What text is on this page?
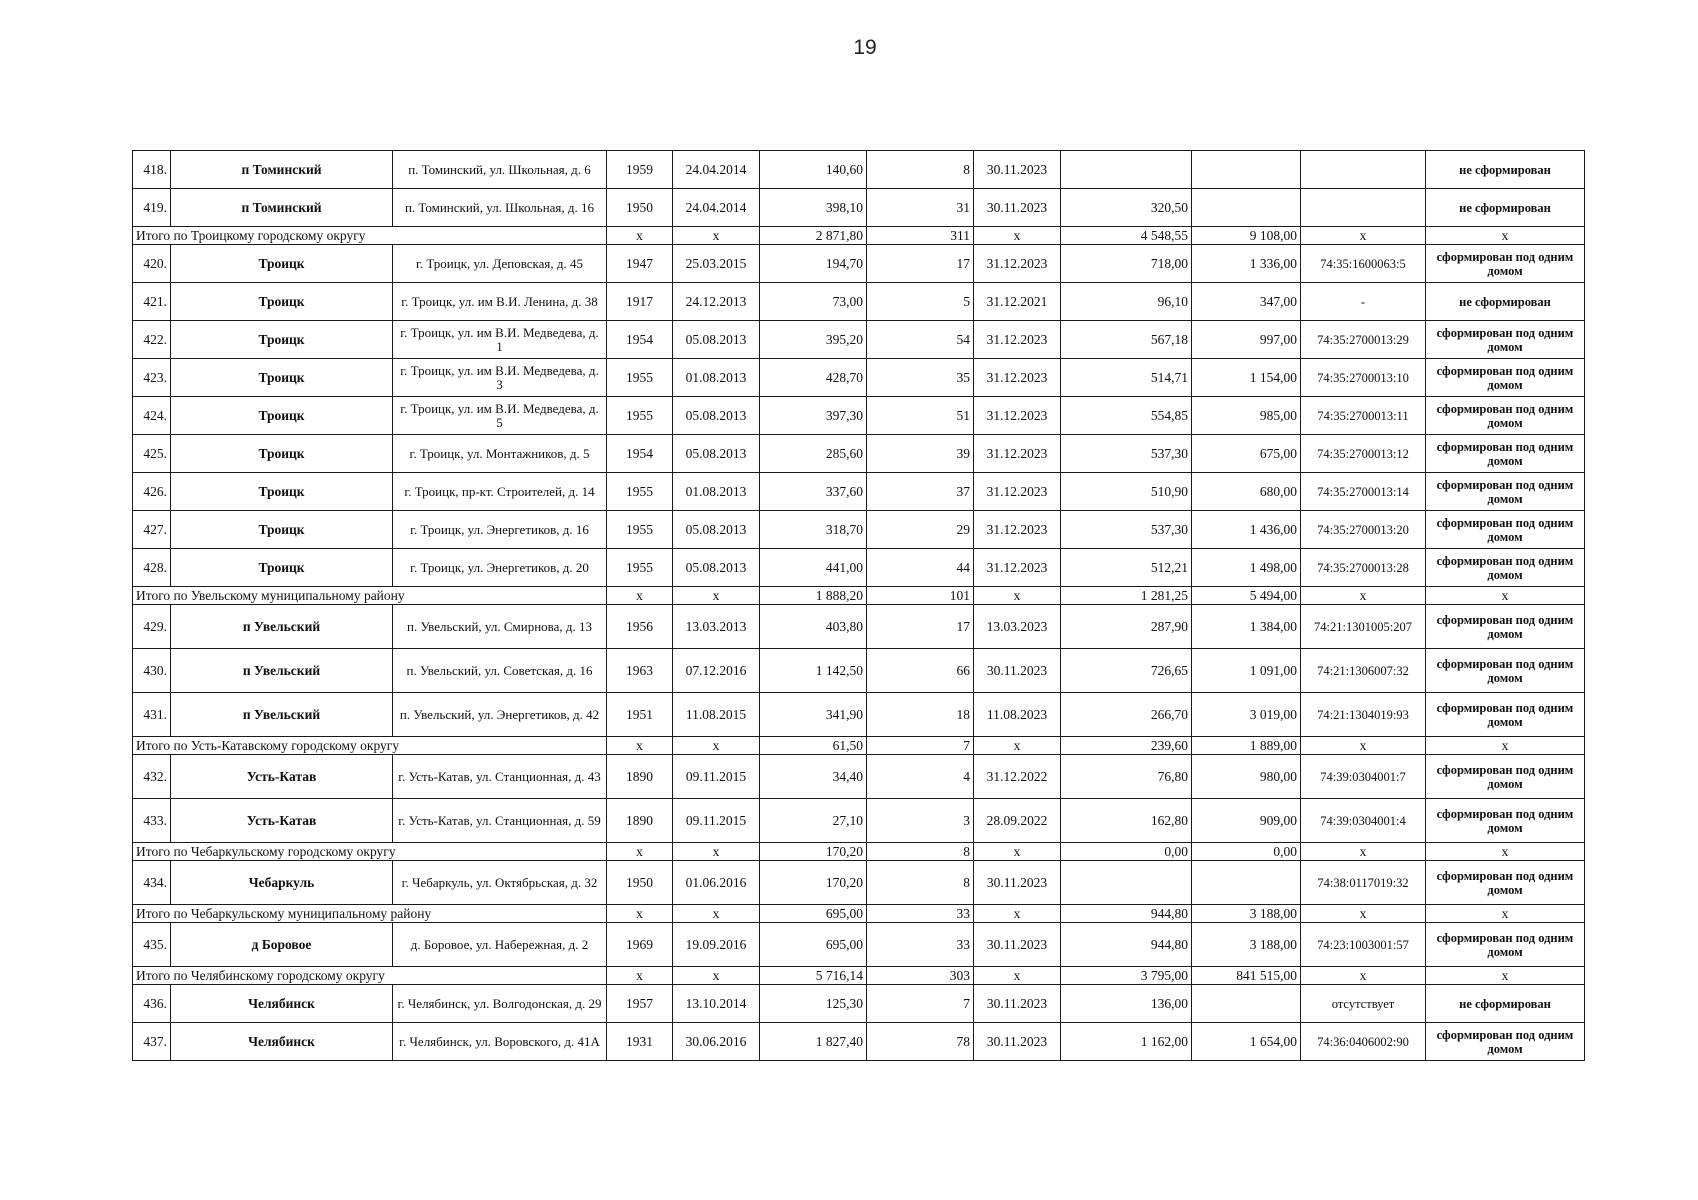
19
418.	п Томинский	п. Томинский, ул. Школьная, д. 6	1959	24.04.2014	140,60	8	30.11.2023				не сформирован
419.	п Томинский	п. Томинский, ул. Школьная, д. 16	1950	24.04.2014	398,10	31	30.11.2023	320,50			не сформирован
Итого по Троицкому городскому округу			х	х	2 871,80	311	х	4 548,55	9 108,00	х	х
420.	Троицк	г. Троицк, ул. Деповская, д. 45	1947	25.03.2015	194,70	17	31.12.2023	718,00	1 336,00	74:35:1600063:5	сформирован под одним домом
421.	Троицк	г. Троицк, ул. им В.И. Ленина, д. 38	1917	24.12.2013	73,00	5	31.12.2021	96,10	347,00	-	не сформирован
422.	Троицк	г. Троицк, ул. им В.И. Медведева, д. 1	1954	05.08.2013	395,20	54	31.12.2023	567,18	997,00	74:35:2700013:29	сформирован под одним домом
423.	Троицк	г. Троицк, ул. им В.И. Медведева, д. 3	1955	01.08.2013	428,70	35	31.12.2023	514,71	1 154,00	74:35:2700013:10	сформирован под одним домом
424.	Троицк	г. Троицк, ул. им В.И. Медведева, д. 5	1955	05.08.2013	397,30	51	31.12.2023	554,85	985,00	74:35:2700013:11	сформирован под одним домом
425.	Троицк	г. Троицк, ул. Монтажников, д. 5	1954	05.08.2013	285,60	39	31.12.2023	537,30	675,00	74:35:2700013:12	сформирован под одним домом
426.	Троицк	г. Троицк, пр-кт. Строителей, д. 14	1955	01.08.2013	337,60	37	31.12.2023	510,90	680,00	74:35:2700013:14	сформирован под одним домом
427.	Троицк	г. Троицк, ул. Энергетиков, д. 16	1955	05.08.2013	318,70	29	31.12.2023	537,30	1 436,00	74:35:2700013:20	сформирован под одним домом
428.	Троицк	г. Троицк, ул. Энергетиков, д. 20	1955	05.08.2013	441,00	44	31.12.2023	512,21	1 498,00	74:35:2700013:28	сформирован под одним домом
Итого по Увельскому муниципальному району			х	х	1 888,20	101	х	1 281,25	5 494,00	х	х
429.	п Увельский	п. Увельский, ул. Смирнова, д. 13	1956	13.03.2013	403,80	17	13.03.2023	287,90	1 384,00	74:21:1301005:207	сформирован под одним домом
430.	п Увельский	п. Увельский, ул. Советская, д. 16	1963	07.12.2016	1 142,50	66	30.11.2023	726,65	1 091,00	74:21:1306007:32	сформирован под одним домом
431.	п Увельский	п. Увельский, ул. Энергетиков, д. 42	1951	11.08.2015	341,90	18	11.08.2023	266,70	3 019,00	74:21:1304019:93	сформирован под одним домом
Итого по Усть-Катавскому городскому округу			х	х	61,50	7	х	239,60	1 889,00	х	х
432.	Усть-Катав	г. Усть-Катав, ул. Станционная, д. 43	1890	09.11.2015	34,40	4	31.12.2022	76,80	980,00	74:39:0304001:7	сформирован под одним домом
433.	Усть-Катав	г. Усть-Катав, ул. Станционная, д. 59	1890	09.11.2015	27,10	3	28.09.2022	162,80	909,00	74:39:0304001:4	сформирован под одним домом
Итого по Чебаркульскому городскому округу			х	х	170,20	8	х	0,00	0,00	х	х
434.	Чебаркуль	г. Чебаркуль, ул. Октябрьская, д. 32	1950	01.06.2016	170,20	8	30.11.2023			74:38:0117019:32	сформирован под одним домом
Итого по Чебаркульскому муниципальному району			х	х	695,00	33	х	944,80	3 188,00	х	х
435.	д Боровое	д. Боровое, ул. Набережная, д. 2	1969	19.09.2016	695,00	33	30.11.2023	944,80	3 188,00	74:23:1003001:57	сформирован под одним домом
Итого по Челябинскому городскому округу			х	х	5 716,14	303	х	3 795,00	841 515,00	х	х
436.	Челябинск	г. Челябинск, ул. Волгодонская, д. 29	1957	13.10.2014	125,30	7	30.11.2023	136,00		отсутствует	не сформирован
437.	Челябинск	г. Челябинск, ул. Воровского, д. 41А	1931	30.06.2016	1 827,40	78	30.11.2023	1 162,00	1 654,00	74:36:0406002:90	сформирован под одним домом
